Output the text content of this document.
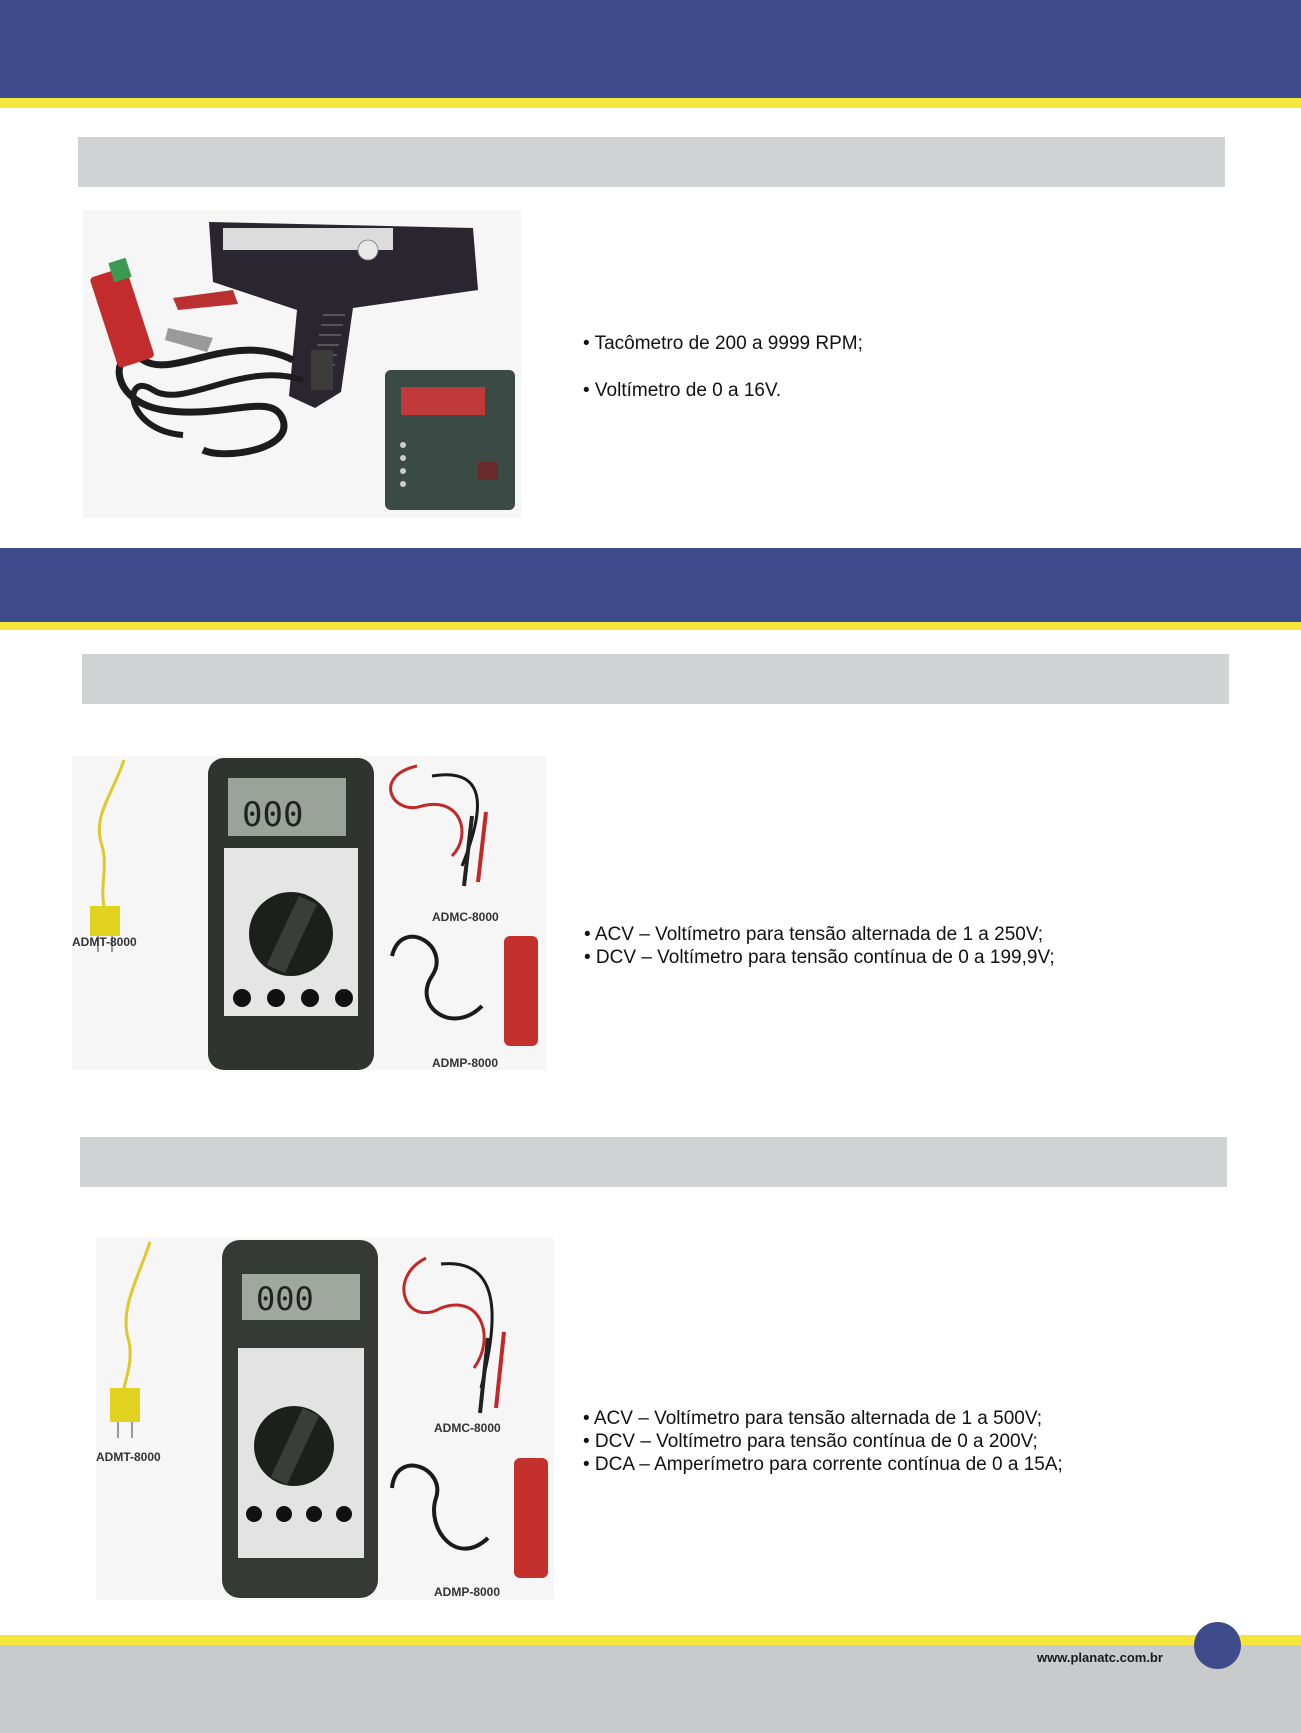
• Tacômetro de 200 a 9999 RPM;
• Voltímetro de 0 a 16V.
ADMT-8000
000
ADMC-8000
ADMP-8000
• ACV – Voltímetro para tensão alternada de 1 a 250V;
• DCV – Voltímetro para tensão contínua de 0 a 199,9V;
ADMT-8000
000
ADMC-8000
ADMP-8000
• ACV – Voltímetro para tensão alternada de 1 a 500V;
• DCV – Voltímetro para tensão contínua de 0 a 200V;
• DCA – Amperímetro para corrente contínua de 0 a 15A;
www.planatc.com.br
